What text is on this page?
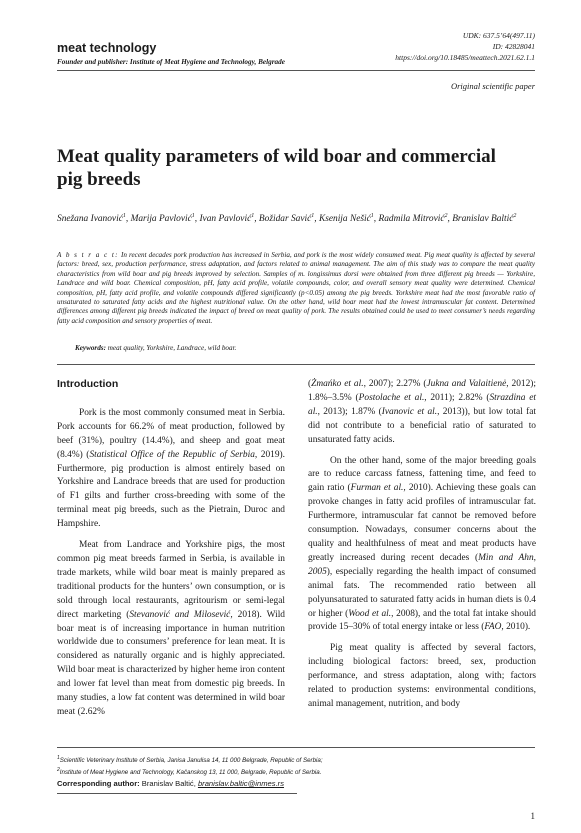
meat technology
Founder and publisher: Institute of Meat Hygiene and Technology, Belgrade
UDK: 637.5’64(497.11)
ID: 42828041
https://doi.org/10.18485/meattech.2021.62.1.1
Original scientific paper
Meat quality parameters of wild boar and commercial
pig breeds
Snežana Ivanović$^1$, Marija Pavlović$^1$, Ivan Pavlović$^1$, Božidar Savić$^1$, Ksenija Nešić$^1$, Radmila Mitrović$^2$, Branislav Baltić$^2$
A b s t r a c t: In recent decades pork production has increased in Serbia, and pork is the most widely consumed meat. Pig meat quality is affected by several factors: breed, sex, production performance, stress adaptation, and factors related to animal management. The aim of this study was to compare the meat quality characteristics from wild boar and pig breeds improved by selection. Samples of m. longissimus dorsi were obtained from three different pig breeds — Yorkshire, Landrace and wild boar. Chemical composition, pH, fatty acid profile, volatile compounds, color, and overall sensory meat quality were determined. Chemical composition, pH, fatty acid profile, and volatile compounds differed significantly (p<0.05) among the pig breeds. Yorkshire meat had the most favorable ratio of unsaturated to saturated fatty acids and the highest nutritional value. On the other hand, wild boar meat had the lowest intramuscular fat content. Determined differences among different pig breeds indicated the impact of breed on meat quality of pork. The results obtained could be used to meet consumer’s needs regarding fatty acid composition and sensory properties of meat.
Keywords: meat quality, Yorkshire, Landrace, wild boar.
Introduction

Pork is the most commonly consumed meat in Serbia. Pork accounts for 66.2% of meat production, followed by beef (31%), poultry (14.4%), and sheep and goat meat (8.4%) (Statistical Office of the Republic of Serbia, 2019). Furthermore, pig production is almost entirely based on Yorkshire and Landrace breeds that are used for production of F1 gilts and further cross-breeding with some of the terminal meat pig breeds, such as the Pietrain, Duroc and Hampshire.

Meat from Landrace and Yorkshire pigs, the most common pig meat breeds farmed in Serbia, is available in trade markets, while wild boar meat is mainly prepared as traditional products for the hunters’ own consumption, or is sold through local restaurants, agritourism or semi-legal direct marketing (Stevanović and Milosević, 2018). Wild boar meat is of increasing importance in human nutrition worldwide due to consumers’ preference for lean meat. It is considered as naturally organic and is highly appreciated. Wild boar meat is characterized by higher heme iron content and lower fat level than meat from domestic pig breeds. In many studies, a low fat content was determined in wild boar meat (2.62%

(Żmańko et al., 2007); 2.27% (Jukna and Valaitienė, 2012); 1.8%–3.5% (Postolache et al., 2011); 2.82% (Strazdina et al., 2013); 1.87% (Ivanovic et al., 2013)), but low total fat did not contribute to a beneficial ratio of saturated to unsaturated fatty acids.

On the other hand, some of the major breeding goals are to reduce carcass fatness, fattening time, and feed to gain ratio (Furman et al., 2010). Achieving these goals can provoke changes in fatty acid profiles of intramuscular fat. Furthermore, intramuscular fat cannot be removed before consumption. Nowadays, consumer concerns about the quality and healthfulness of meat and meat products have greatly increased during recent decades (Min and Ahn, 2005), especially regarding the health impact of consumed animal fats. The recommended ratio between all polyunsaturated to saturated fatty acids in human diets is 0.4 or higher (Wood et al., 2008), and the total fat intake should provide 15–30% of total energy intake or less (FAO, 2010).

Pig meat quality is affected by several factors, including biological factors: breed, sex, production performance, and stress adaptation, along with; factors related to production systems: environmental conditions, animal management, nutrition, and body

$^1$Scientific Veterinary Institute of Serbia, Janisa Janulisa 14, 11 000 Belgrade, Republic of Serbia;
$^2$Institute of Meat Hygiene and Technology, Kačanskog 13, 11 000, Belgrade, Republic of Serbia.
Corresponding author: Branislav Baltić, branislav.baltic@inmes.rs
1
